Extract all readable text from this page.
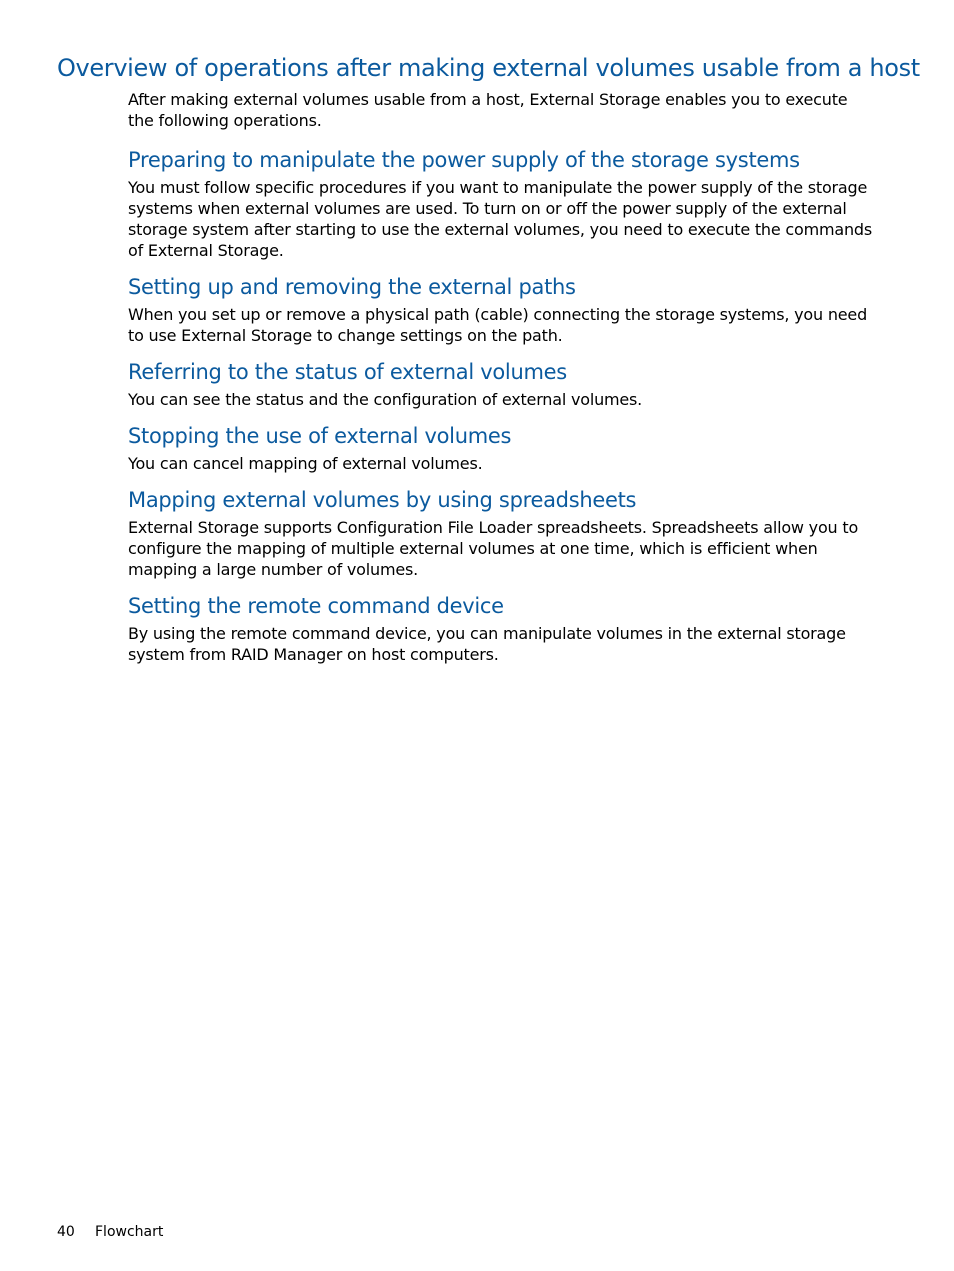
Overview of operations after making external volumes usable from a host

After making external volumes usable from a host, External Storage enables you to execute the following operations.

Preparing to manipulate the power supply of the storage systems

You must follow specific procedures if you want to manipulate the power supply of the storage systems when external volumes are used. To turn on or off the power supply of the external storage system after starting to use the external volumes, you need to execute the commands of External Storage.

Setting up and removing the external paths

When you set up or remove a physical path (cable) connecting the storage systems, you need to use External Storage to change settings on the path.

Referring to the status of external volumes

You can see the status and the configuration of external volumes.

Stopping the use of external volumes

You can cancel mapping of external volumes.

Mapping external volumes by using spreadsheets

External Storage supports Configuration File Loader spreadsheets. Spreadsheets allow you to configure the mapping of multiple external volumes at one time, which is efficient when mapping a large number of volumes.

Setting the remote command device

By using the remote command device, you can manipulate volumes in the external storage system from RAID Manager on host computers.

40 Flowchart
